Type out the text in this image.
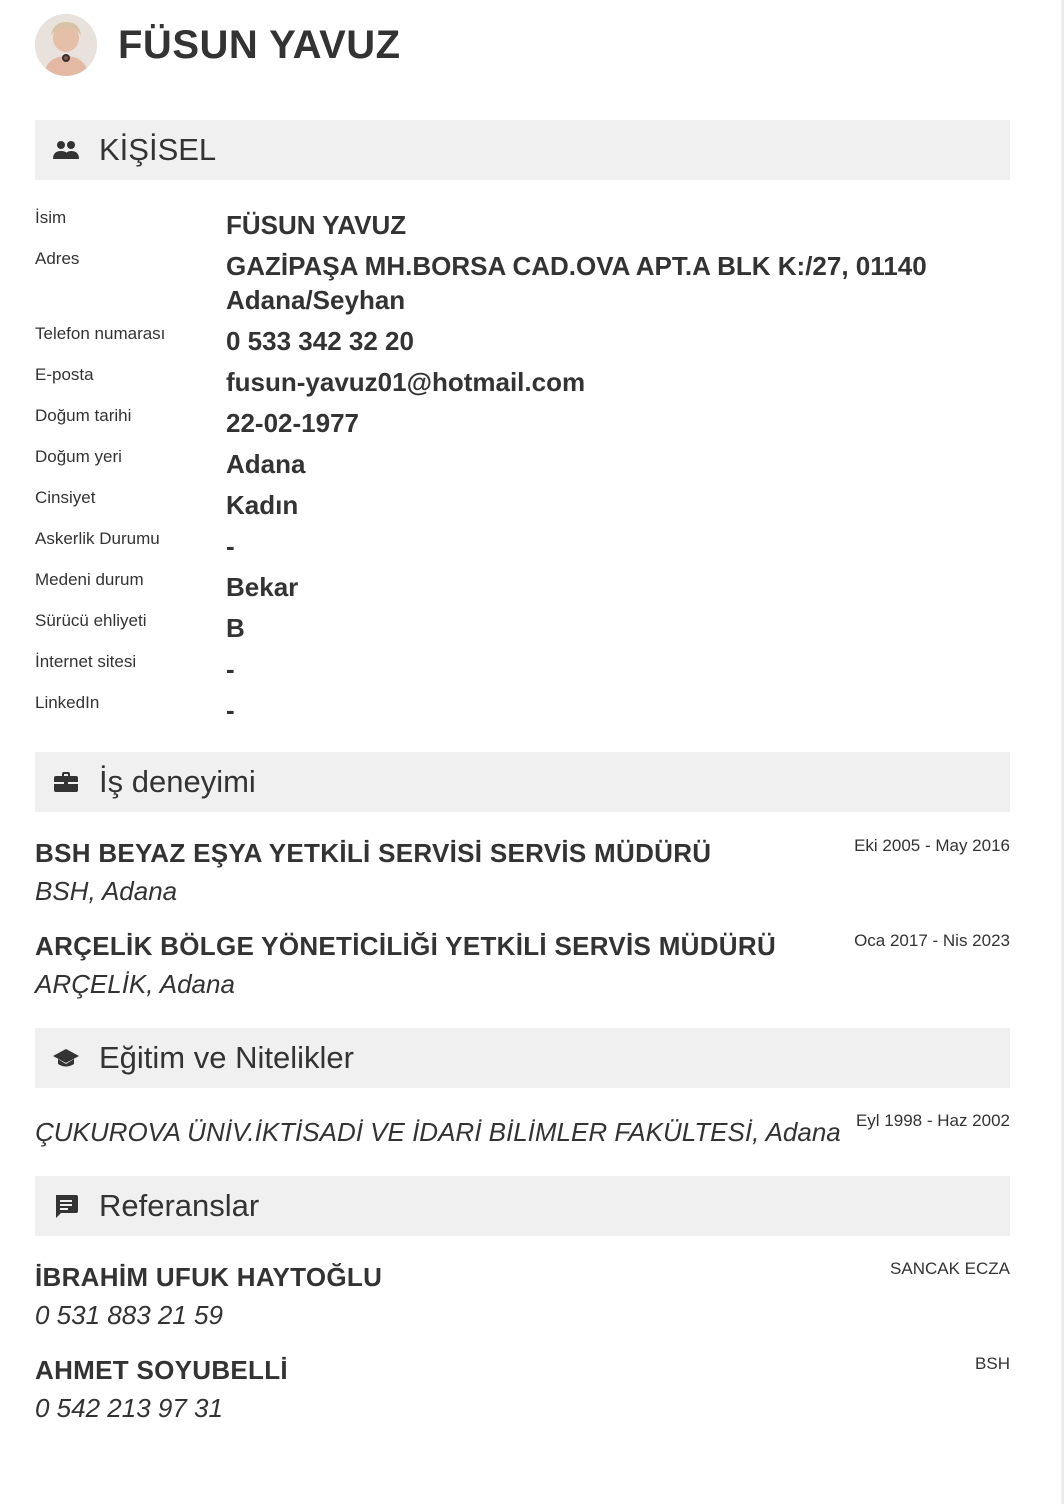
FÜSUN YAVUZ
KİŞİSEL
İsim	FÜSUN YAVUZ
Adres	GAZİPAŞA MH.BORSA CAD.OVA APT.A BLK K:/27, 01140 Adana/Seyhan
Telefon numarası 0 533 342 32 20
E-posta	fusun-yavuz01@hotmail.com
Doğum tarihi	22-02-1977
Doğum yeri	Adana
Cinsiyet	Kadın
Askerlik Durumu	-
Medeni durum	Bekar
Sürücü ehliyeti	B
İnternet sitesi	-
LinkedIn	-
İş deneyimi
BSH BEYAZ EŞYA YETKİLİ SERVİSİ SERVİS MÜDÜRÜ
BSH, Adana
Eki 2005 - May 2016
ARÇELİK BÖLGE YÖNETİCİLİĞİ YETKİLİ SERVİS MÜDÜRÜ
ARÇELİK, Adana
Oca 2017 - Nis 2023
Eğitim ve Nitelikler
ÇUKUROVA ÜNİV.İKTİSADİ VE İDARİ BİLİMLER FAKÜLTESİ, Adana Eyl 1998 - Haz 2002
Referanslar
İBRAHİM UFUK HAYTOĞLU
0 531 883 21 59
SANCAK ECZA
AHMET SOYUBELLİ
0 542 213 97 31
BSH
